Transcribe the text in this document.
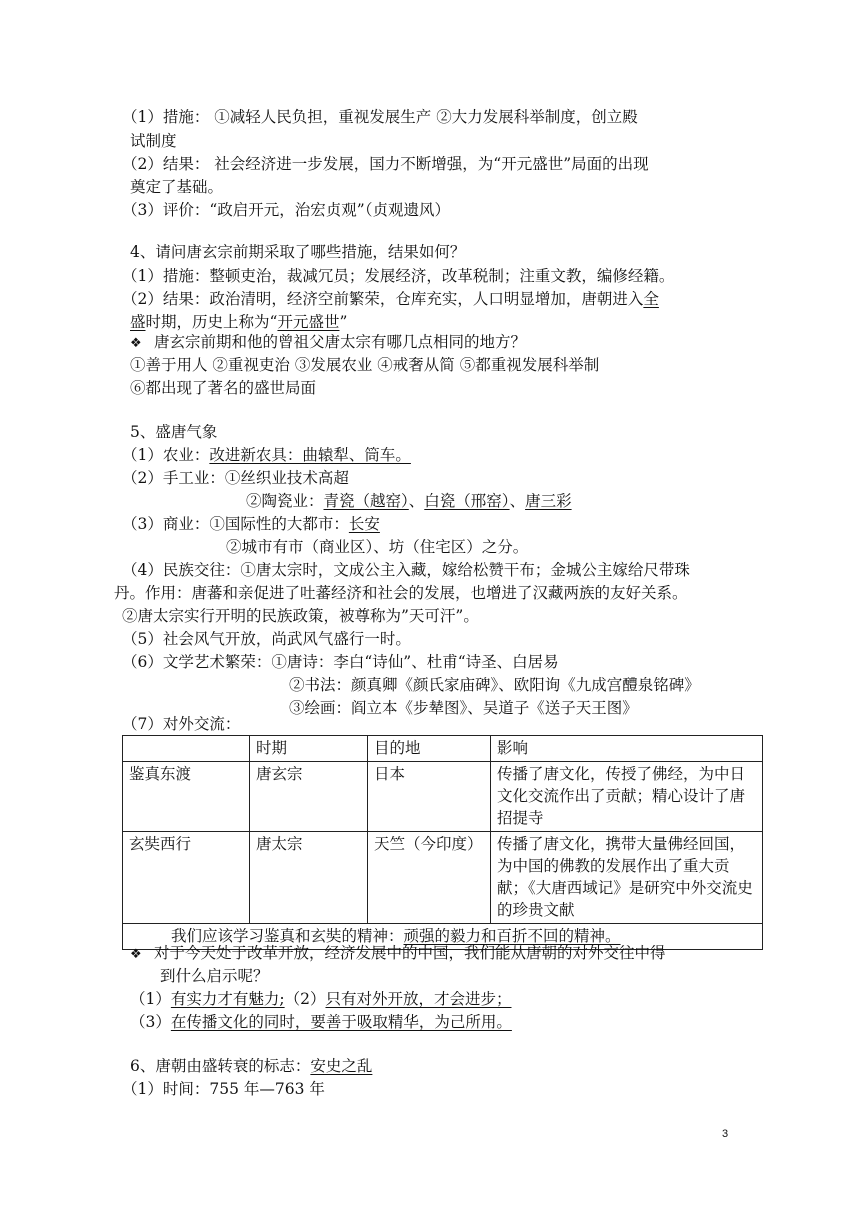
（1）措施： ①减轻人民负担，重视发展生产 ②大力发展科举制度，创立殿
试制度
（2）结果： 社会经济进一步发展，国力不断增强，为“开元盛世”局面的出现
奠定了基础。
（3）评价：“政启开元，治宏贞观”（贞观遗风）
4、请问唐玄宗前期采取了哪些措施，结果如何？
（1）措施：整顿吏治，裁减冗员；发展经济，改革税制；注重文教，编修经籍。
（2）结果：政治清明，经济空前繁荣，仓库充实，人口明显增加，唐朝进入全
盛时期，历史上称为“开元盛世”
❖ 唐玄宗前期和他的曾祖父唐太宗有哪几点相同的地方？
①善于用人 ②重视吏治 ③发展农业 ④戒奢从简 ⑤都重视发展科举制
⑥都出现了著名的盛世局面
5、盛唐气象
（1）农业：改进新农具：曲辕犁、筒车。
（2）手工业：①丝织业技术高超
②陶瓷业：青瓷（越窑）、白瓷（邢窑）、唐三彩
（3）商业：①国际性的大都市：长安
②城市有市（商业区）、坊（住宅区）之分。
（4）民族交往：①唐太宗时，文成公主入藏，嫁给松赞干布；金城公主嫁给尺带珠
丹。作用：唐蕃和亲促进了吐蕃经济和社会的发展，也增进了汉藏两族的友好关系。
②唐太宗实行开明的民族政策，被尊称为”天可汗”。
（5）社会风气开放，尚武风气盛行一时。
（6）文学艺术繁荣：①唐诗：李白“诗仙”、杜甫“诗圣、白居易
②书法：颜真卿《颜氏家庙碑》、欧阳询《九成宫醴泉铭碑》
③绘画：阎立本《步辇图》、吴道子《送子天王图》
（7）对外交流：
	时期	目的地	影响
鉴真东渡	唐玄宗	日本	传播了唐文化，传授了佛经，为中日文化交流作出了贡献；精心设计了唐招提寺
玄奘西行	唐太宗	天竺（今印度）	传播了唐文化，携带大量佛经回国，为中国的佛教的发展作出了重大贡献；《大唐西域记》是研究中外交流史的珍贵文献
我们应该学习鉴真和玄奘的精神：顽强的毅力和百折不回的精神。			
❖ 对于今天处于改革开放，经济发展中的中国，我们能从唐朝的对外交往中得
到什么启示呢？
（1）有实力才有魅力;（2）只有对外开放，才会进步；
（3）在传播文化的同时，要善于吸取精华，为己所用。
6、唐朝由盛转衰的标志：安史之乱
（1）时间：755 年—763 年
3
